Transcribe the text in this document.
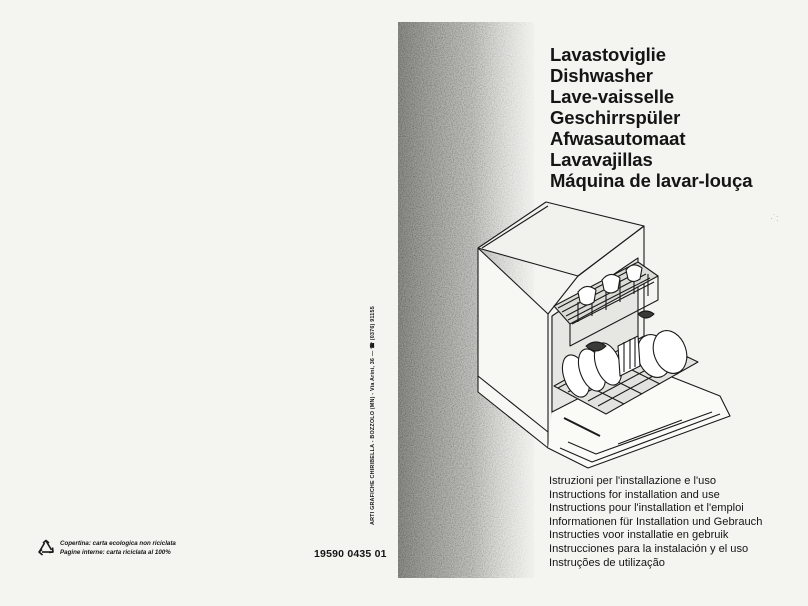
Copertina: carta ecologica non riciclata
Pagine interne: carta riciclata al 100%	19590 0435 01
ARTI GRAFICHE CHIRIBELLA - BOZZOLO (MN) - Via Arini, 36 — ☎ (0376) 91155
Lavastoviglie
Dishwasher
Lave-vaisselle
Geschirrspüler
Afwasautomaat
Lavavajillas
Máquina de lavar-louça
·˙:
Istruzioni per l'installazione e l'uso
Instructions for installation and use
Instructions pour l'installation et l'emploi
Informationen für Installation und Gebrauch
Instructies voor installatie en gebruik
Instrucciones para la instalación y el uso
Instruções de utilização
